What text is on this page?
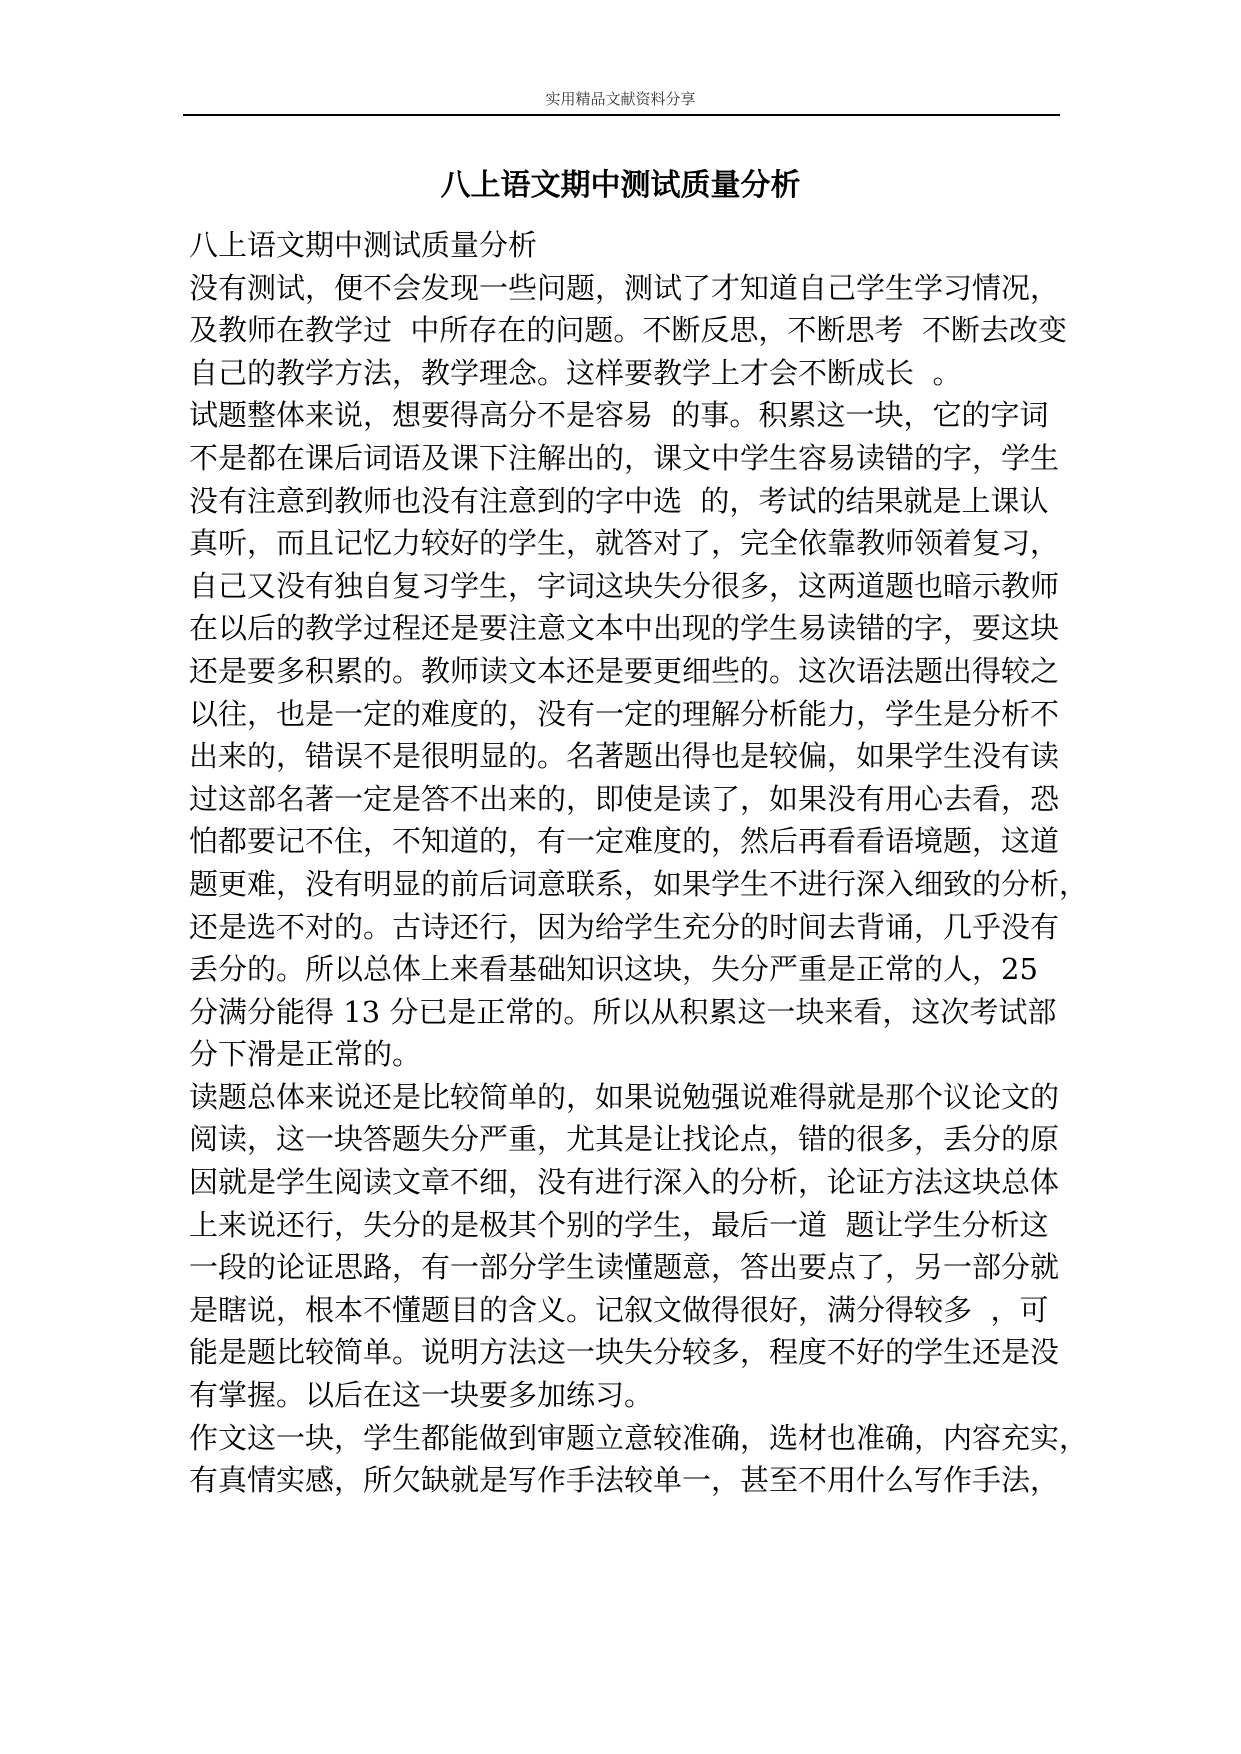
实用精品文献资料分享
八上语文期中测试质量分析
八上语文期中测试质量分析
没有测试，便不会发现一些问题，测试了才知道自己学生学习情况，
及教师在教学过  中所存在的问题。不断反思，不断思考  不断去改变
自己的教学方法，教学理念。这样要教学上才会不断成长  。
试题整体来说，想要得高分不是容易  的事。积累这一块，它的字词
不是都在课后词语及课下注解出的，课文中学生容易读错的字，学生
没有注意到教师也没有注意到的字中选  的，考试的结果就是上课认
真听，而且记忆力较好的学生，就答对了，完全依靠教师领着复习，
自己又没有独自复习学生，字词这块失分很多，这两道题也暗示教师
在以后的教学过程还是要注意文本中出现的学生易读错的字，要这块
还是要多积累的。教师读文本还是要更细些的。这次语法题出得较之
以往，也是一定的难度的，没有一定的理解分析能力，学生是分析不
出来的，错误不是很明显的。名著题出得也是较偏，如果学生没有读
过这部名著一定是答不出来的，即使是读了，如果没有用心去看，恐
怕都要记不住，不知道的，有一定难度的，然后再看看语境题，这道
题更难，没有明显的前后词意联系，如果学生不进行深入细致的分析，
还是选不对的。古诗还行，因为给学生充分的时间去背诵，几乎没有
丢分的。所以总体上来看基础知识这块，失分严重是正常的人，25
分满分能得 13 分已是正常的。所以从积累这一块来看，这次考试部
分下滑是正常的。
读题总体来说还是比较简单的，如果说勉强说难得就是那个议论文的
阅读，这一块答题失分严重，尤其是让找论点，错的很多，丢分的原
因就是学生阅读文章不细，没有进行深入的分析，论证方法这块总体
上来说还行，失分的是极其个别的学生，最后一道  题让学生分析这
一段的论证思路，有一部分学生读懂题意，答出要点了，另一部分就
是瞎说，根本不懂题目的含义。记叙文做得很好，满分得较多  ，可
能是题比较简单。说明方法这一块失分较多，程度不好的学生还是没
有掌握。以后在这一块要多加练习。
作文这一块，学生都能做到审题立意较准确，选材也准确，内容充实，
有真情实感，所欠缺就是写作手法较单一，甚至不用什么写作手法，
